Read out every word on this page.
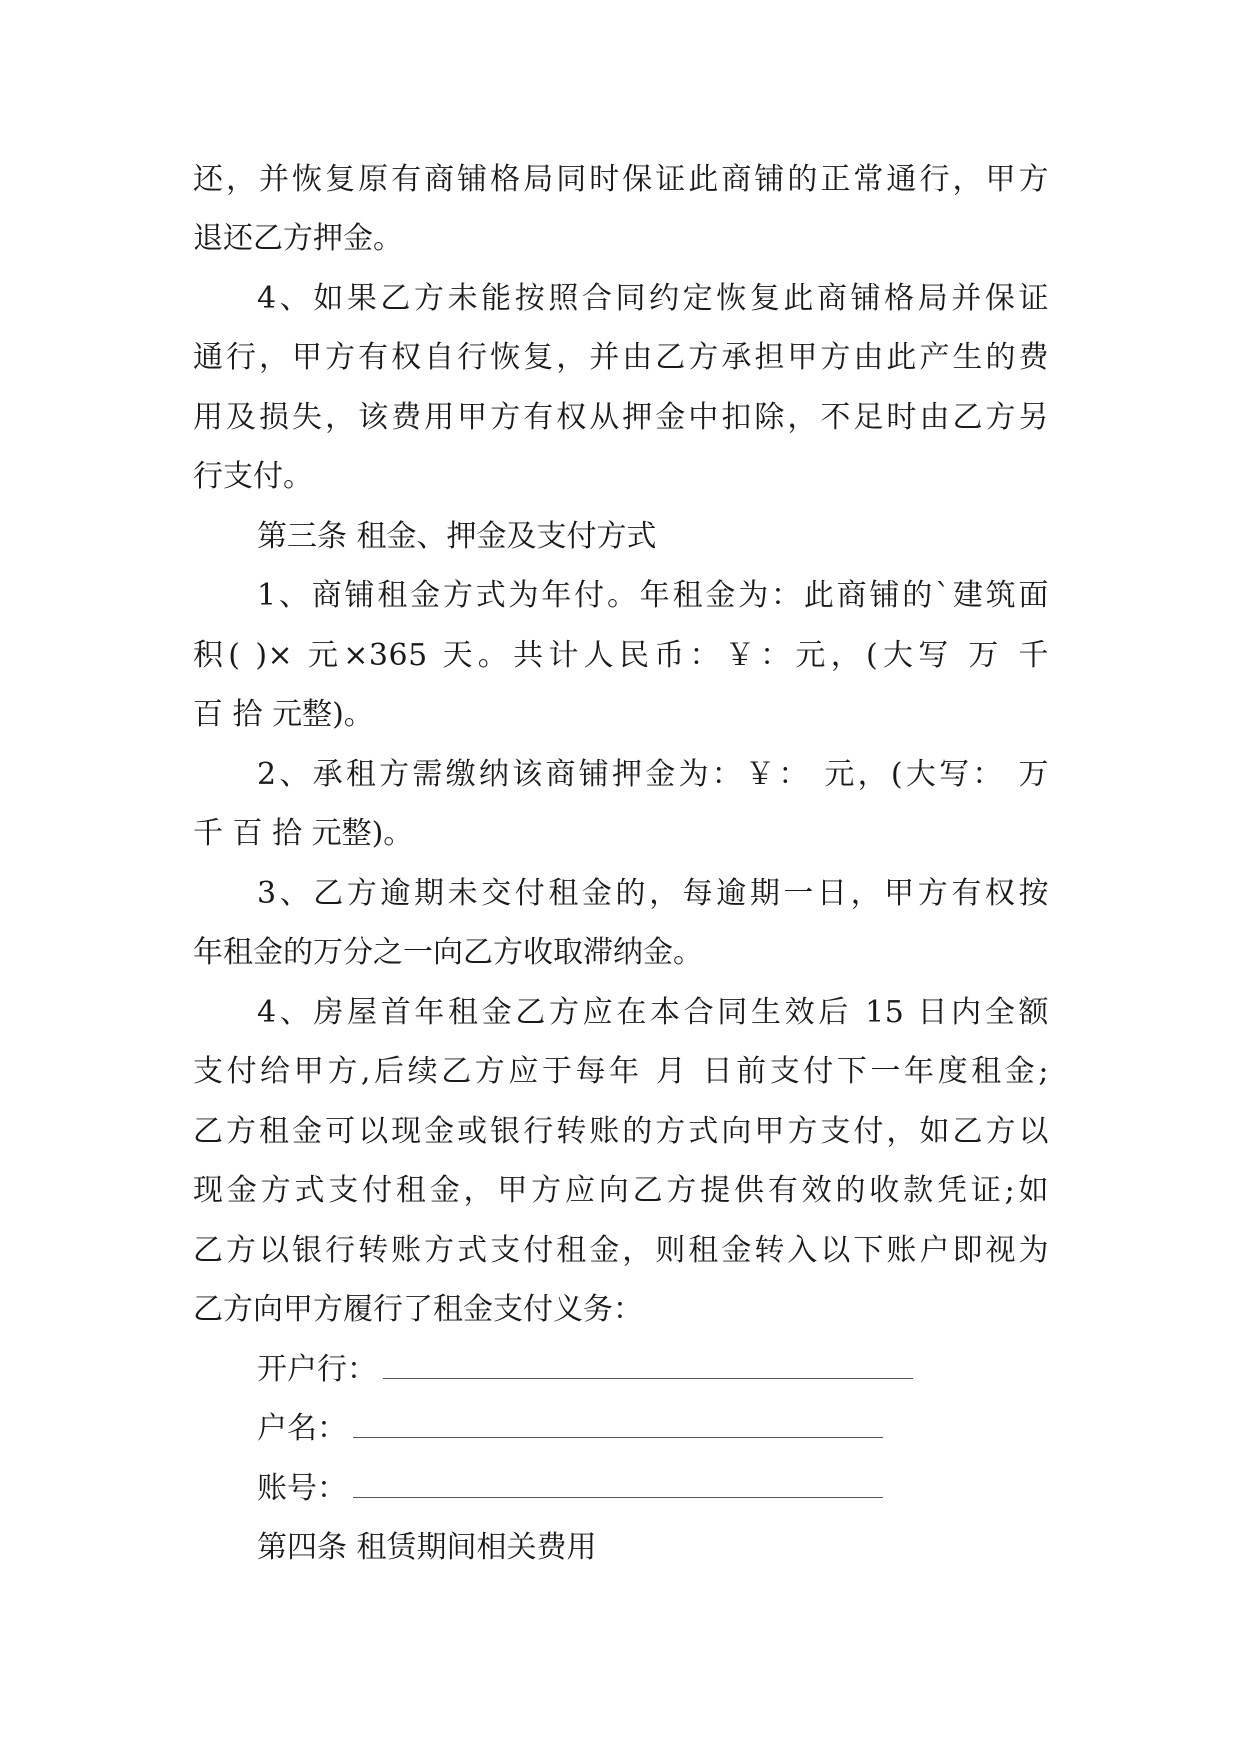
还，并恢复原有商铺格局同时保证此商铺的正常通行，甲方
退还乙方押金。
4、如果乙方未能按照合同约定恢复此商铺格局并保证
通行，甲方有权自行恢复，并由乙方承担甲方由此产生的费
用及损失，该费用甲方有权从押金中扣除，不足时由乙方另
行支付。
第三条 租金、押金及支付方式
1、商铺租金方式为年付。年租金为：此商铺的`建筑面
积( )× 元×365 天。共计人民币：￥：元，(大写 万 千
百 拾 元整)。
2、承租方需缴纳该商铺押金为：￥： 元，(大写： 万
千 百 拾 元整)。
3、乙方逾期未交付租金的，每逾期一日，甲方有权按
年租金的万分之一向乙方收取滞纳金。
4、房屋首年租金乙方应在本合同生效后 15 日内全额
支付给甲方,后续乙方应于每年 月 日前支付下一年度租金;
乙方租金可以现金或银行转账的方式向甲方支付，如乙方以
现金方式支付租金，甲方应向乙方提供有效的收款凭证;如
乙方以银行转账方式支付租金，则租金转入以下账户即视为
乙方向甲方履行了租金支付义务：
开户行：
户名：
账号：
第四条 租赁期间相关费用
